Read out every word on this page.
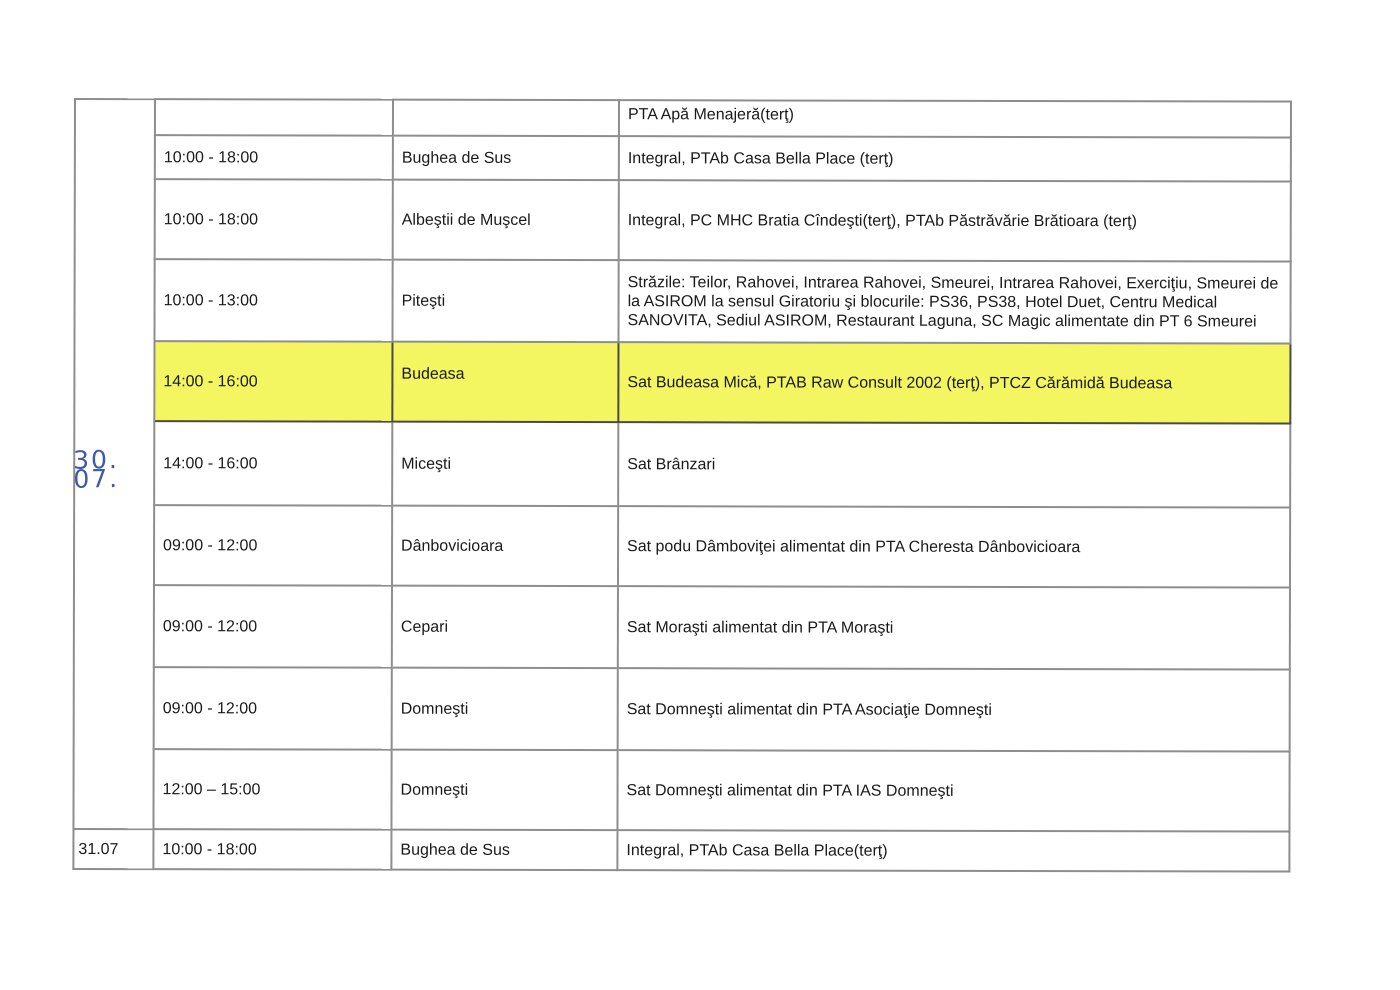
30. 07.			PTA Apă Menajeră(terţ)
	10:00 - 18:00	Bughea de Sus	Integral, PTAb Casa Bella Place (terţ)
	10:00 - 18:00	Albeştii de Muşcel	Integral, PC MHC Bratia Cîndeşti(terţ), PTAb Păstrăvărie Brătioara (terţ)
	10:00 - 13:00	Piteşti	Străzile: Teilor, Rahovei, Intrarea Rahovei, Smeurei, Intrarea Rahovei, Exerciţiu, Smeurei de la ASIROM la sensul Giratoriu şi blocurile: PS36, PS38, Hotel Duet, Centru Medical SANOVITA, Sediul ASIROM, Restaurant Laguna, SC Magic alimentate din PT 6 Smeurei
	14:00 - 16:00	Budeasa	Sat Budeasa Mică, PTAB Raw Consult 2002 (terţ), PTCZ Cărămidă Budeasa
	14:00 - 16:00	Miceşti	Sat Brânzari
	09:00 - 12:00	Dânbovicioara	Sat podu Dâmboviţei alimentat din PTA Cheresta Dânbovicioara
	09:00 - 12:00	Cepari	Sat Moraşti alimentat din PTA Moraşti
	09:00 - 12:00	Domneşti	Sat Domneşti alimentat din PTA Asociaţie Domneşti
	12:00 – 15:00	Domneşti	Sat Domneşti alimentat din PTA IAS Domneşti
31.07	10:00 - 18:00	Bughea de Sus	Integral, PTAb Casa Bella Place(terţ)
